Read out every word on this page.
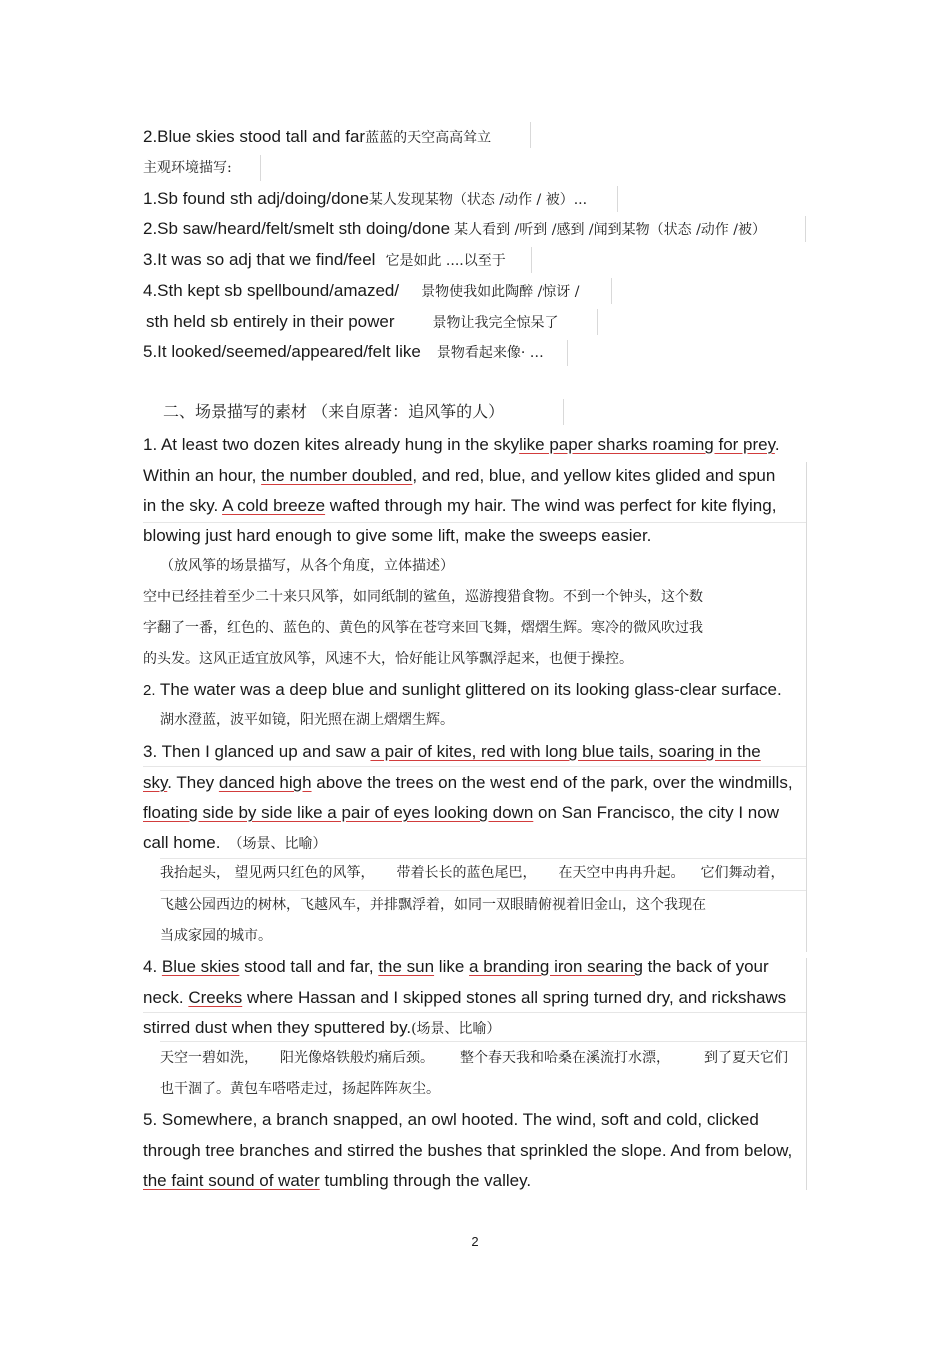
2.Blue skies stood tall and far蓝蓝的天空高高耸立
主观环境描写:
1.Sb found sth adj/doing/done某人发现某物（状态 /动作 / 被）...
2.Sb saw/heard/felt/smelt sth doing/done 某人看到 /听到 /感到 /闻到某物（状态 /动作 /被）
3.It was so adj that we find/feel 它是如此 ....以至于
4.Sth kept sb spellbound/amazed/ 景物使我如此陶醉 /惊讶 /
sth held sb entirely in their power	景物让我完全惊呆了
5.It looked/seemed/appeared/felt like 景物看起来像· …
二、场景描写的素材 （来自原著：追风筝的人）
1. At least two dozen kites already hung in the skylike paper sharks roaming for prey.
Within an hour, the number doubled, and red, blue, and yellow kites glided and spun
in the sky. A cold breeze wafted through my hair. The wind was perfect for kite flying,
blowing just hard enough to give some lift, make the sweeps easier.
（放风筝的场景描写，从各个角度，立体描述）
空中已经挂着至少二十来只风筝，如同纸制的鲨鱼，巡游搜猎食物。不到一个钟头，这个数
字翻了一番，红色的、蓝色的、黄色的风筝在苍穹来回飞舞，熠熠生辉。寒冷的微风吹过我
的头发。这风正适宜放风筝，风速不大，恰好能让风筝飘浮起来，也便于操控。
2. The water was a deep blue and sunlight glittered on its looking glass-clear surface.
湖水澄蓝，波平如镜，阳光照在湖上熠熠生辉。
3. Then I glanced up and saw a pair of kites, red with long blue tails, soaring in the
sky. They danced high above the trees on the west end of the park, over the windmills,
floating side by side like a pair of eyes looking down on San Francisco, the city I now
call home. （场景、比喻）
我抬起头， 望见两只红色的风筝， 带着长长的蓝色尾巴， 在天空中冉冉升起。 它们舞动着，
飞越公园西边的树林，飞越风车，并排飘浮着，如同一双眼睛俯视着旧金山，这个我现在
当成家园的城市。
4. Blue skies stood tall and far, the sun like a branding iron searing the back of your
neck. Creeks where Hassan and I skipped stones all spring turned dry, and rickshaws
stirred dust when they sputtered by.(场景、比喻）
天空一碧如洗， 阳光像烙铁般灼痛后颈。 整个春天我和哈桑在溪流打水漂， 到了夏天它们
也干涸了。黄包车嗒嗒走过，扬起阵阵灰尘。
5. Somewhere, a branch snapped, an owl hooted. The wind, soft and cold, clicked
through tree branches and stirred the bushes that sprinkled the slope. And from below,
the faint sound of water tumbling through the valley.
2
